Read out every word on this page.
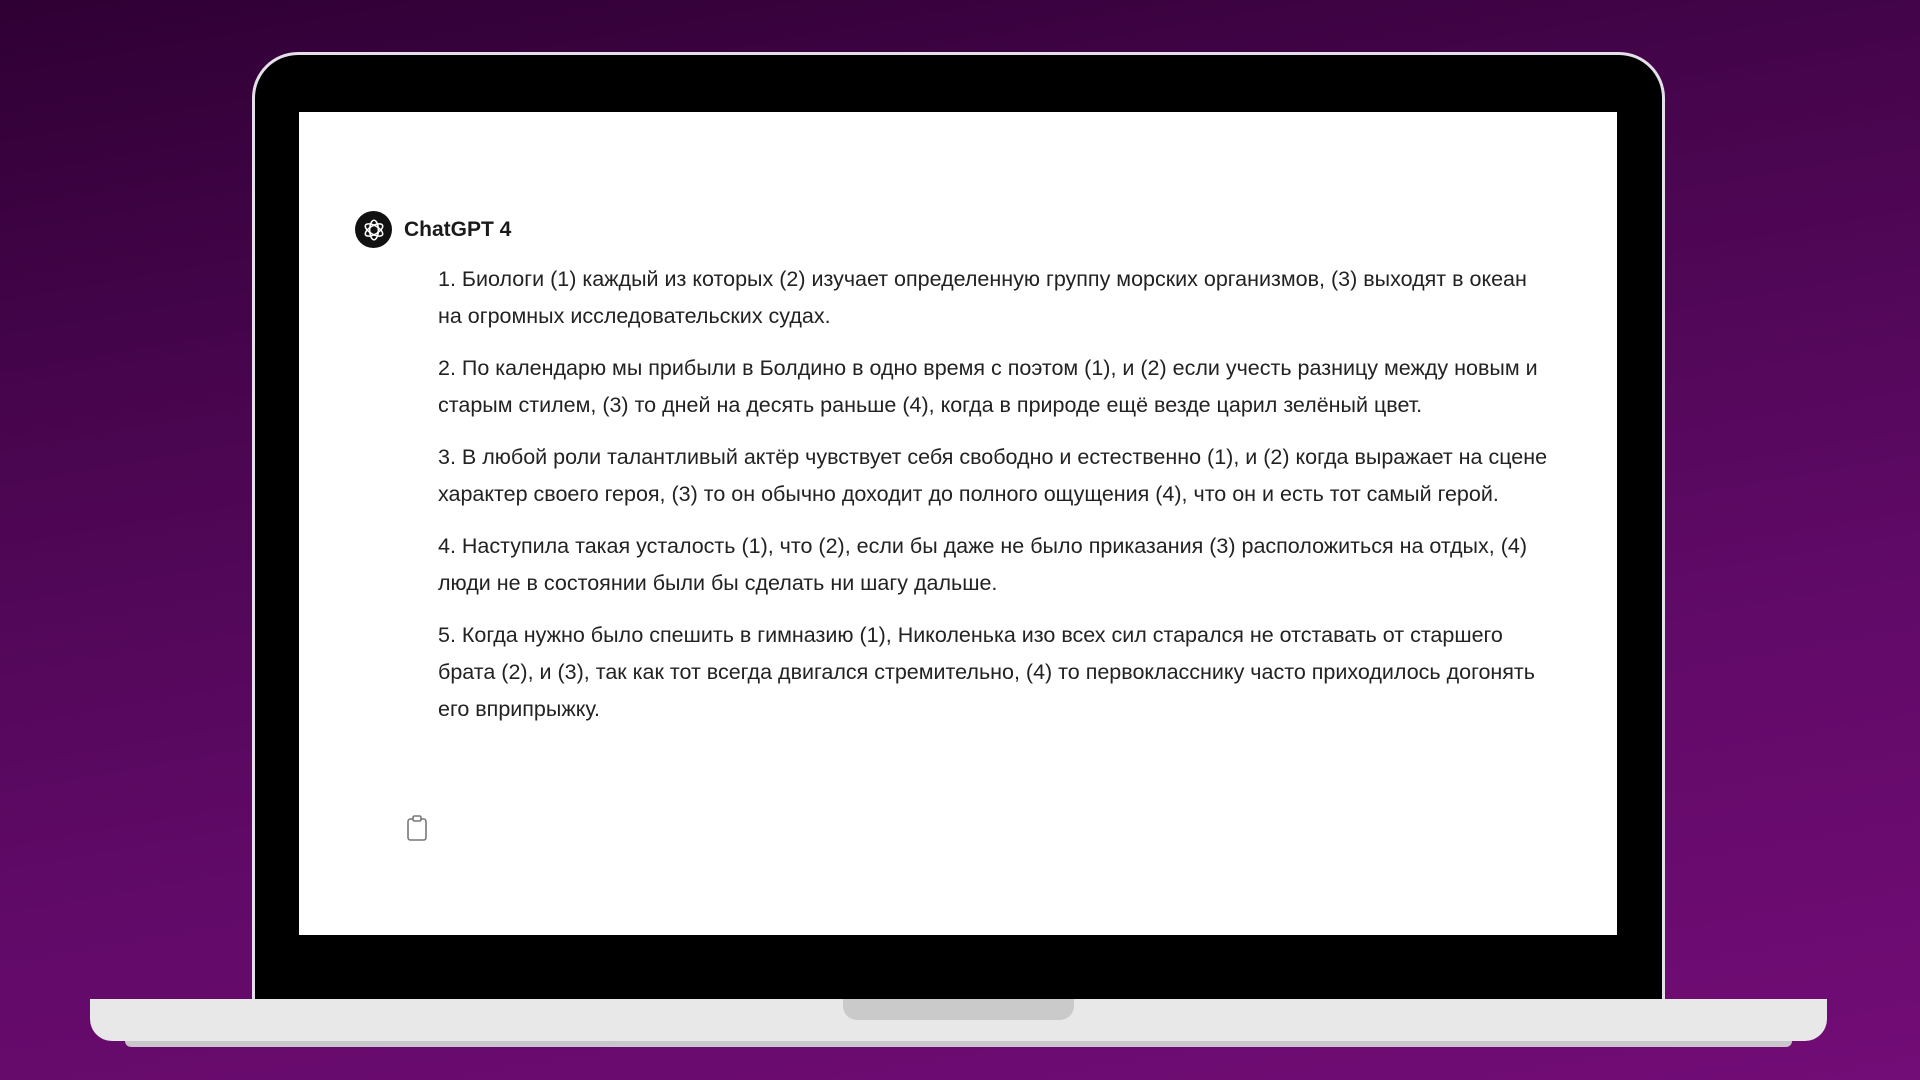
ChatGPT 4

1. Биологи (1) каждый из которых (2) изучает определенную группу морских организмов, (3) выходят в океан на огромных исследовательских судах.

2. По календарю мы прибыли в Болдино в одно время с поэтом (1), и (2) если учесть разницу между новым и старым стилем, (3) то дней на десять раньше (4), когда в природе ещё везде царил зелёный цвет.

3. В любой роли талантливый актёр чувствует себя свободно и естественно (1), и (2) когда выражает на сцене характер своего героя, (3) то он обычно доходит до полного ощущения (4), что он и есть тот самый герой.

4. Наступила такая усталость (1), что (2), если бы даже не было приказания (3) расположиться на отдых, (4) люди не в состоянии были бы сделать ни шагу дальше.

5. Когда нужно было спешить в гимназию (1), Николенька изо всех сил старался не отставать от старшего брата (2), и (3), так как тот всегда двигался стремительно, (4) то первокласснику часто приходилось догонять его вприпрыжку.
